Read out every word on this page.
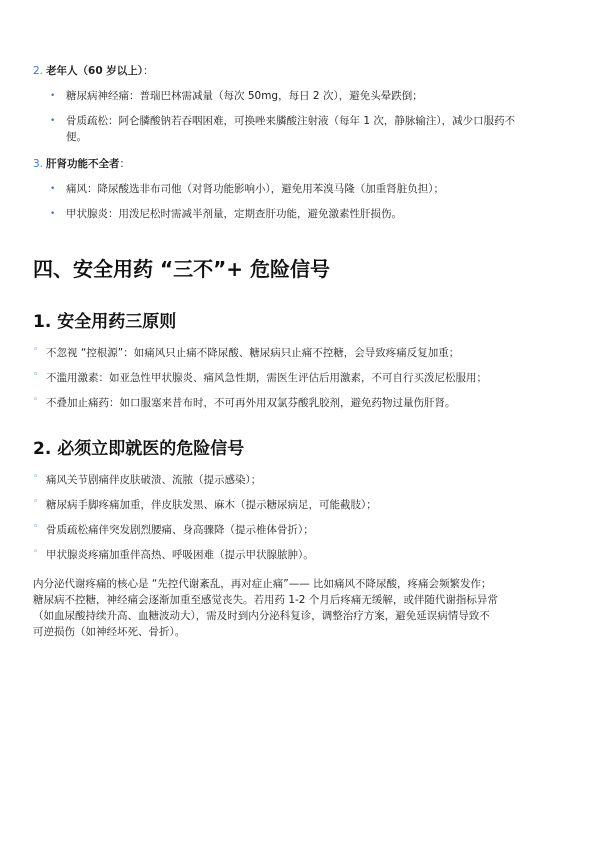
2. 老年人（60 岁以上）：
•	糖尿病神经痛：普瑞巴林需减量（每次 50mg，每日 2 次），避免头晕跌倒；
•	骨质疏松：阿仑膦酸钠若吞咽困难，可换唑来膦酸注射液（每年 1 次，静脉输注），减少口服药不
便。
3. 肝肾功能不全者：
•	痛风：降尿酸选非布司他（对肾功能影响小），避免用苯溴马隆（加重肾脏负担）；
•	甲状腺炎：用泼尼松时需减半剂量，定期查肝功能，避免激素性肝损伤。
四、安全用药 “三不”+ 危险信号
1. 安全用药三原则
◦ 不忽视 “控根源”：如痛风只止痛不降尿酸、糖尿病只止痛不控糖，会导致疼痛反复加重；
◦ 不滥用激素：如亚急性甲状腺炎、痛风急性期，需医生评估后用激素，不可自行买泼尼松服用；
◦ 不叠加止痛药：如口服塞来昔布时，不可再外用双氯芬酸乳胶剂，避免药物过量伤肝肾。
2. 必须立即就医的危险信号
◦ 痛风关节剧痛伴皮肤破溃、流脓（提示感染）；
◦ 糖尿病手脚疼痛加重，伴皮肤发黑、麻木（提示糖尿病足，可能截肢）；
◦ 骨质疏松痛伴突发剧烈腰痛、身高骤降（提示椎体骨折）；
◦ 甲状腺炎疼痛加重伴高热、呼吸困难（提示甲状腺脓肿）。
内分泌代谢疼痛的核心是 “先控代谢紊乱，再对症止痛”—— 比如痛风不降尿酸，疼痛会频繁发作；
糖尿病不控糖，神经痛会逐渐加重至感觉丧失。若用药 1-2 个月后疼痛无缓解，或伴随代谢指标异常
（如血尿酸持续升高、血糖波动大），需及时到内分泌科复诊，调整治疗方案，避免延误病情导致不
可逆损伤（如神经坏死、骨折）。
